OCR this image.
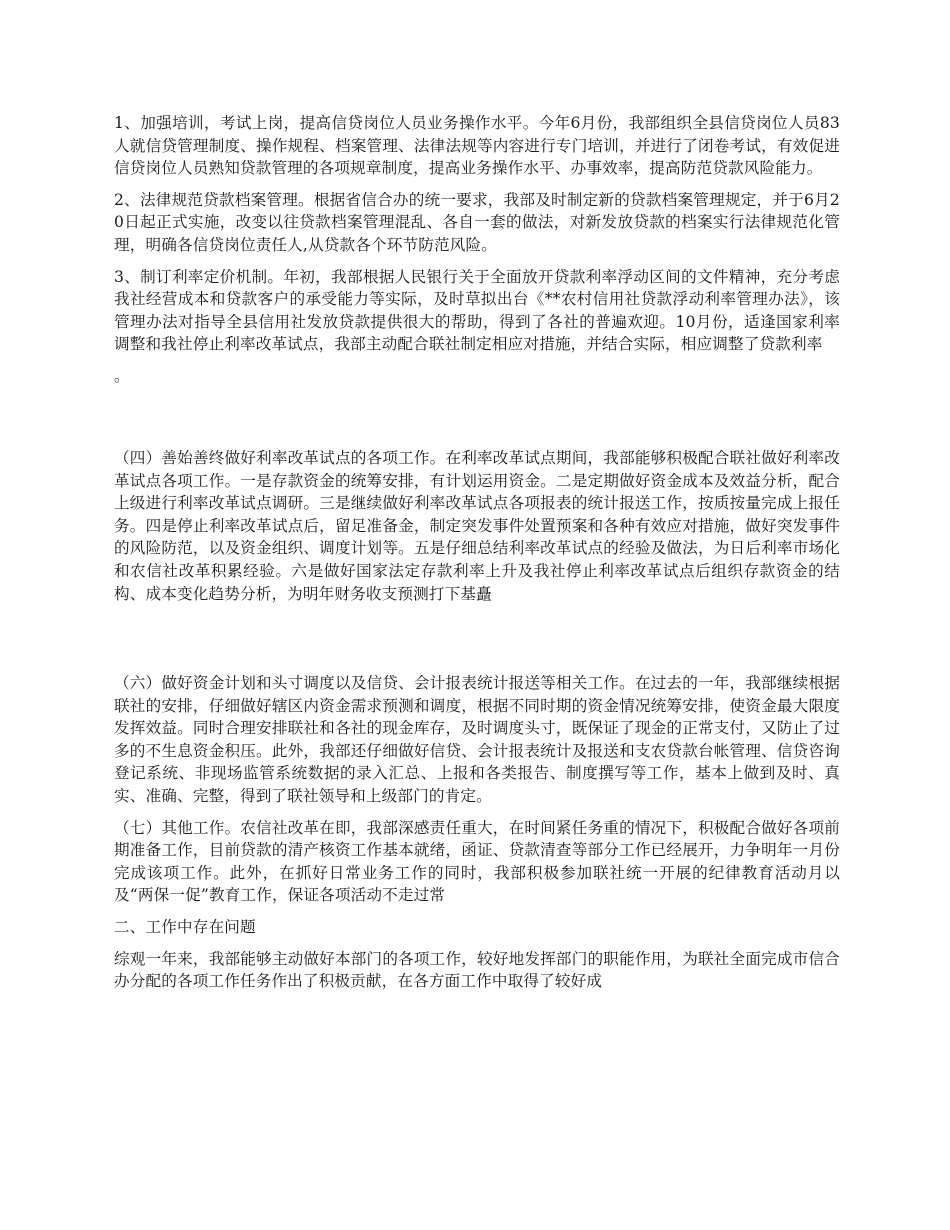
1、加强培训，考试上岗，提高信贷岗位人员业务操作水平。今年6月份，我部组织全县信贷岗位人员83人就信贷管理制度、操作规程、档案管理、法律法规等内容进行专门培训，并进行了闭卷考试，有效促进信贷岗位人员熟知贷款管理的各项规章制度，提高业务操作水平、办事效率，提高防范贷款风险能力。

2、法律规范贷款档案管理。根据省信合办的统一要求，我部及时制定新的贷款档案管理规定，并于6月20日起正式实施，改变以往贷款档案管理混乱、各自一套的做法，对新发放贷款的档案实行法律规范化管理，明确各信贷岗位责任人,从贷款各个环节防范风险。

3、制订利率定价机制。年初，我部根据人民银行关于全面放开贷款利率浮动区间的文件精神，充分考虑我社经营成本和贷款客户的承受能力等实际，及时草拟出台《**农村信用社贷款浮动利率管理办法》，该管理办法对指导全县信用社发放贷款提供很大的帮助，得到了各社的普遍欢迎。10月份，适逢国家利率调整和我社停止利率改革试点，我部主动配合联社制定相应对措施，并结合实际，相应调整了贷款利率

。

（四）善始善终做好利率改革试点的各项工作。在利率改革试点期间，我部能够积极配合联社做好利率改革试点各项工作。一是存款资金的统筹安排，有计划运用资金。二是定期做好资金成本及效益分析，配合上级进行利率改革试点调研。三是继续做好利率改革试点各项报表的统计报送工作，按质按量完成上报任务。四是停止利率改革试点后，留足准备金，制定突发事件处置预案和各种有效应对措施，做好突发事件的风险防范，以及资金组织、调度计划等。五是仔细总结利率改革试点的经验及做法，为日后利率市场化和农信社改革积累经验。六是做好国家法定存款利率上升及我社停止利率改革试点后组织存款资金的结构、成本变化趋势分析，为明年财务收支预测打下基矗

（六）做好资金计划和头寸调度以及信贷、会计报表统计报送等相关工作。在过去的一年，我部继续根据联社的安排，仔细做好辖区内资金需求预测和调度，根据不同时期的资金情况统筹安排，使资金最大限度发挥效益。同时合理安排联社和各社的现金库存，及时调度头寸，既保证了现金的正常支付，又防止了过多的不生息资金积压。此外，我部还仔细做好信贷、会计报表统计及报送和支农贷款台帐管理、信贷咨询登记系统、非现场监管系统数据的录入汇总、上报和各类报告、制度撰写等工作，基本上做到及时、真实、准确、完整，得到了联社领导和上级部门的肯定。

（七）其他工作。农信社改革在即，我部深感责任重大，在时间紧任务重的情况下，积极配合做好各项前期准备工作，目前贷款的清产核资工作基本就绪，函证、贷款清查等部分工作已经展开，力争明年一月份完成该项工作。此外，在抓好日常业务工作的同时，我部积极参加联社统一开展的纪律教育活动月以及“两保一促”教育工作，保证各项活动不走过常

二、工作中存在问题

综观一年来，我部能够主动做好本部门的各项工作，较好地发挥部门的职能作用，为联社全面完成市信合办分配的各项工作任务作出了积极贡献，在各方面工作中取得了较好成
